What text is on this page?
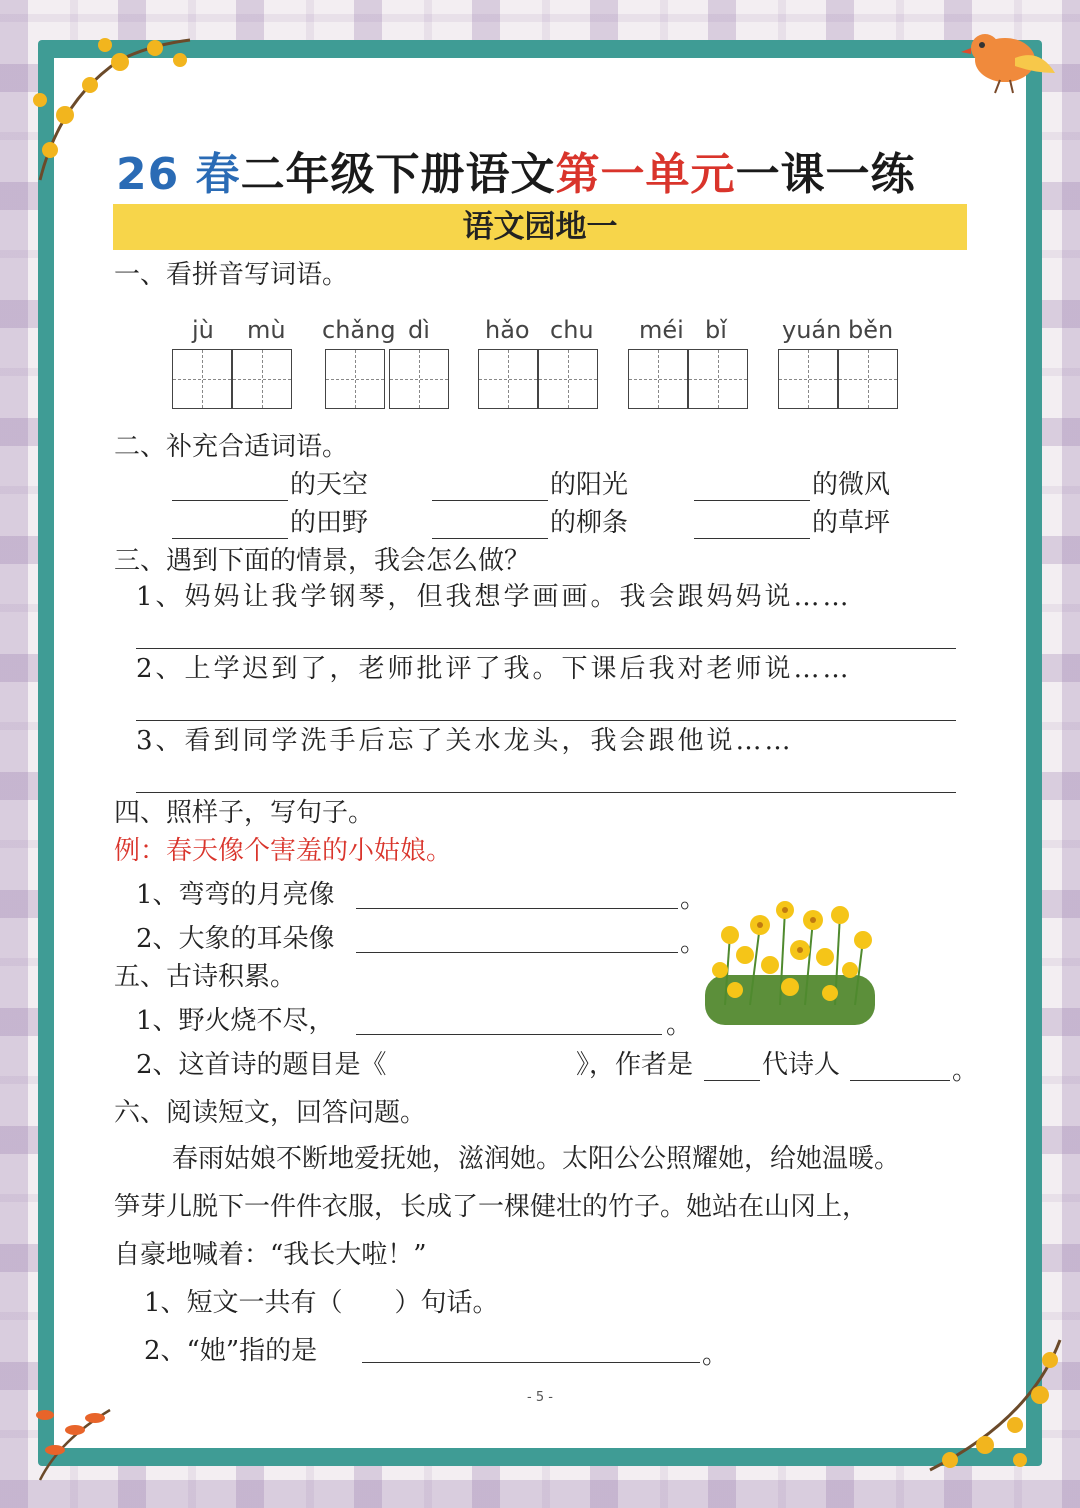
26 春二年级下册语文第一单元一课一练
语文园地一
一、看拼音写词语。
jù mù chǎng dì hǎo chu méi bǐ yuán běn
二、补充合适词语。
的天空	的阳光	的微风
的田野	的柳条	的草坪
三、遇到下面的情景，我会怎么做？
1、妈妈让我学钢琴，但我想学画画。我会跟妈妈说……
2、上学迟到了，老师批评了我。下课后我对老师说……
3、看到同学洗手后忘了关水龙头，我会跟他说……
四、照样子，写句子。
例：春天像个害羞的小姑娘。
1、弯弯的月亮像	。
2、大象的耳朵像	。
五、古诗积累。
1、野火烧不尽，	。
2、这首诗的题目是《	》，作者是	代诗人	。
六、阅读短文，回答问题。
春雨姑娘不断地爱抚她，滋润她。太阳公公照耀她，给她温暖。
笋芽儿脱下一件件衣服，长成了一棵健壮的竹子。她站在山冈上，
自豪地喊着：“我长大啦！”
1、短文一共有（　　）句话。
2、“她”指的是	。
- 5 -
